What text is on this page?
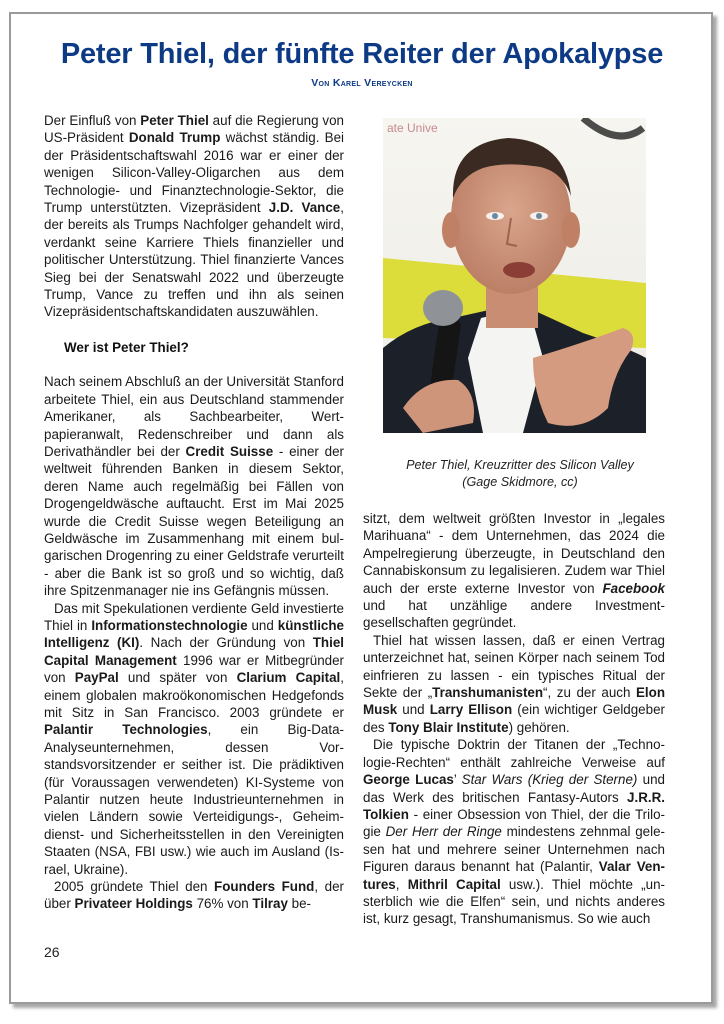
Peter Thiel, der fünfte Reiter der Apokalypse
Von Karel Vereycken

Der Einfluß von Peter Thiel auf die Regierung von US-Präsident Donald Trump wächst ständig. Bei der Präsidentschaftswahl 2016 war er einer der wenigen Silicon-Valley-Oligarchen aus dem Technologie- und Finanztechnologie-Sektor, die Trump unterstützten. Vizepräsident J.D. Vance, der bereits als Trumps Nachfolger gehandelt wird, verdankt seine Karriere Thiels finanzieller und politischer Unterstützung. Thiel finanzierte Vances Sieg bei der Senatswahl 2022 und überzeugte Trump, Vance zu treffen und ihn als seinen Vizepräsidentschaftskandidaten auszuwählen.

Wer ist Peter Thiel?

Nach seinem Abschluß an der Universität Stanford arbeitete Thiel, ein aus Deutschland stammender Amerikaner, als Sachbearbeiter, Wertpapieranwalt, Redenschreiber und dann als Derivathändler bei der Credit Suisse - einer der weltweit führenden Banken in diesem Sektor, deren Name auch regelmäßig bei Fällen von Drogengeldwäsche auftaucht. Erst im Mai 2025 wurde die Credit Suisse wegen Beteiligung an Geldwäsche im Zusammenhang mit einem bulgarischen Drogenring zu einer Geldstrafe verurteilt - aber die Bank ist so groß und so wichtig, daß ihre Spitzenmanager nie ins Gefängnis müssen.

Das mit Spekulationen verdiente Geld investierte Thiel in Informationstechnologie und künstliche Intelligenz (KI). Nach der Gründung von Thiel Capital Management 1996 war er Mitbegründer von PayPal und später von Clarium Capital, einem globalen makroökonomischen Hedgefonds mit Sitz in San Francisco. 2003 gründete er Palantir Technologies, ein Big-Data-Analyseunternehmen, dessen Vorstandsvorsitzender er seither ist. Die prädiktiven (für Voraussagen verwendeten) KI-Systeme von Palantir nutzen heute Industrieunternehmen in vielen Ländern sowie Verteidigungs-, Geheimdienst- und Sicherheitsstellen in den Vereinigten Staaten (NSA, FBI usw.) wie auch im Ausland (Israel, Ukraine).

2005 gründete Thiel den Founders Fund, der über Privateer Holdings 76% von Tilray be-

ate Unive
Peter Thiel, Kreuzritter des Silicon Valley
(Gage Skidmore, cc)

sitzt, dem weltweit größten Investor in „legales Marihuana“ - dem Unternehmen, das 2024 die Ampelregierung überzeugte, in Deutschland den Cannabiskonsum zu legalisieren. Zudem war Thiel auch der erste externe Investor von Facebook und hat unzählige andere Investmentgesellschaften gegründet.

Thiel hat wissen lassen, daß er einen Vertrag unterzeichnet hat, seinen Körper nach seinem Tod einfrieren zu lassen - ein typisches Ritual der Sekte der „Transhumanisten“, zu der auch Elon Musk und Larry Ellison (ein wichtiger Geldgeber des Tony Blair Institute) gehören.

Die typische Doktrin der Titanen der „Technologie-Rechten“ enthält zahlreiche Verweise auf George Lucas’ Star Wars (Krieg der Sterne) und das Werk des britischen Fantasy-Autors J.R.R. Tolkien - einer Obsession von Thiel, der die Trilogie Der Herr der Ringe mindestens zehnmal gelesen hat und mehrere seiner Unternehmen nach Figuren daraus benannt hat (Palantir, Valar Ventures, Mithril Capital usw.). Thiel möchte „unsterblich wie die Elfen“ sein, und nichts anderes ist, kurz gesagt, Transhumanismus. So wie auch

26
